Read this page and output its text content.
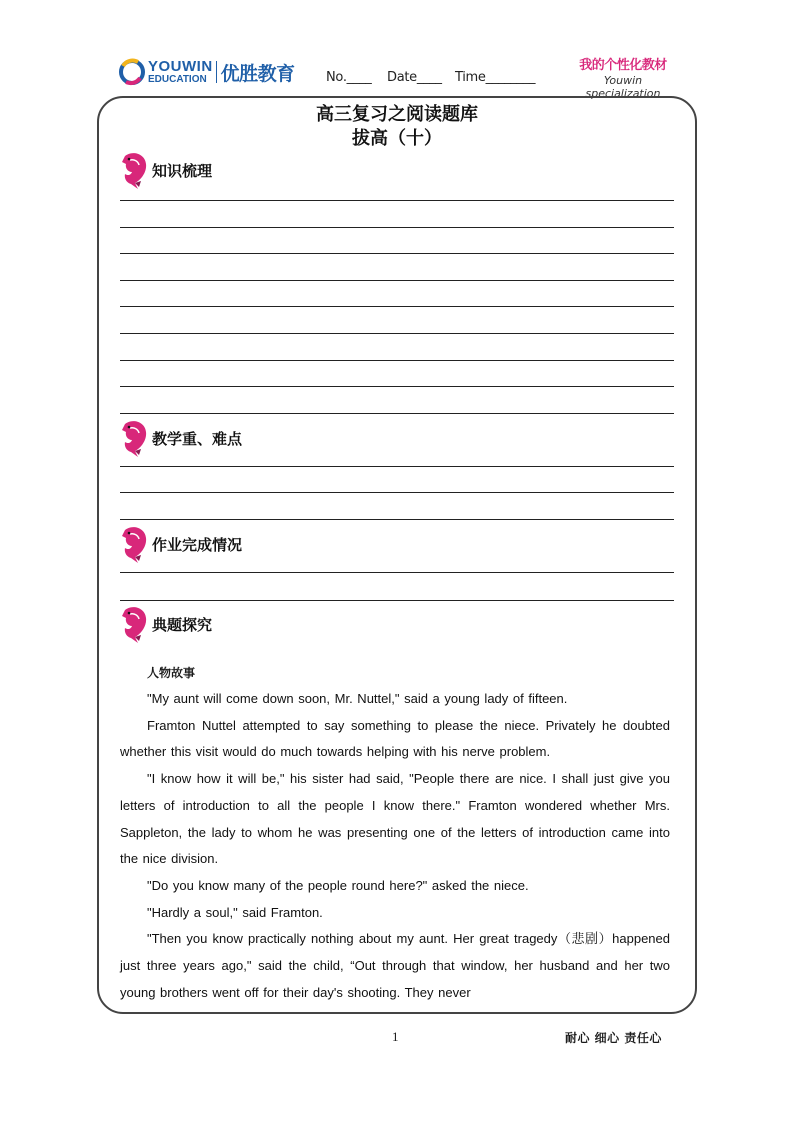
YOUWIN
EDUCATION 优胜教育 No.____ Date____ Time________
我的个性化教材
Youwin specialization
高三复习之阅读题库
拔高（十）
知识梳理
教学重、难点
作业完成情况
典题探究
人物故事

"My aunt will come down soon, Mr. Nuttel," said a young lady of fifteen.

Framton Nuttel attempted to say something to please the niece. Privately he doubted whether this visit would do much towards helping with his nerve problem.

"I know how it will be," his sister had said, "People there are nice. I shall just give you letters of introduction to all the people I know there." Framton wondered whether Mrs. Sappleton, the lady to whom he was presenting one of the letters of introduction came into the nice division.

"Do you know many of the people round here?" asked the niece.

"Hardly a soul," said Framton.

"Then you know practically nothing about my aunt. Her great tragedy（悲剧）happened just three years ago," said the child, “Out through that window, her husband and her two young brothers went off for their day's shooting. They never

1	耐心 细心 责任心
